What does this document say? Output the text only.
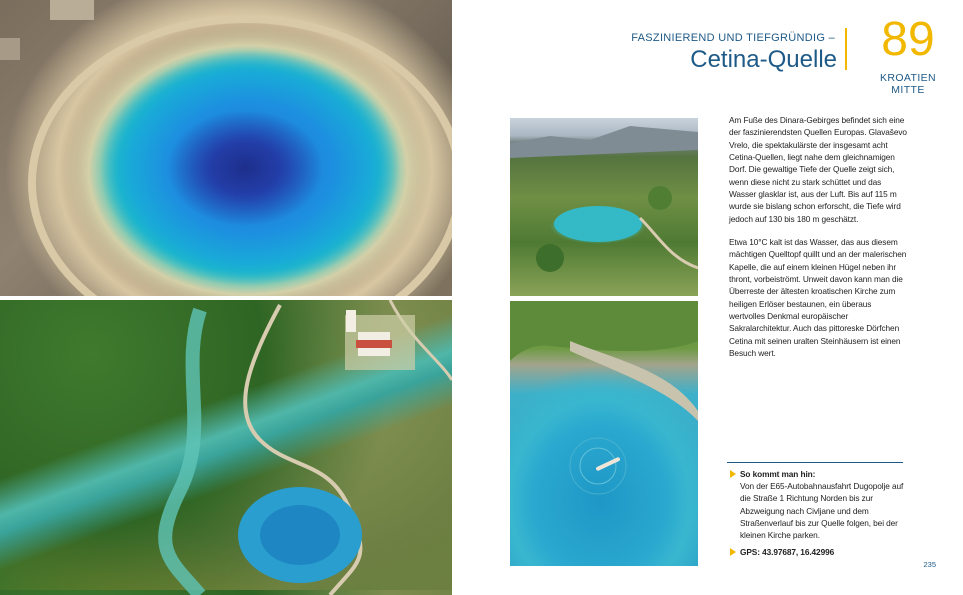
FASZINIEREND UND TIEFGRÜNDIG –
Cetina-Quelle 89
KROATIEN
MITTE
Am Fuße des Dinara-Gebirges befindet sich eine der faszinierendsten Quellen Europas. Glavaševo Vrelo, die spektakulärste der insgesamt acht Cetina-Quellen, liegt nahe dem gleichnamigen Dorf. Die gewaltige Tiefe der Quelle zeigt sich, wenn diese nicht zu stark schüttet und das Wasser glasklar ist, aus der Luft. Bis auf 115 m wurde sie bislang schon erforscht, die Tiefe wird jedoch auf 130 bis 180 m geschätzt.
Etwa 10°C kalt ist das Wasser, das aus diesem mächtigen Quelltopf quillt und an der malerischen Kapelle, die auf einem kleinen Hügel neben ihr thront, vorbeiströmt. Unweit davon kann man die Überreste der ältesten kroatischen Kirche zum heiligen Erlöser bestaunen, ein überaus wertvolles Denkmal europäischer Sakralarchitektur. Auch das pittoreske Dörfchen Cetina mit seinen uralten Steinhäusern ist einen Besuch wert.
So kommt man hin:
Von der E65-Autobahnausfahrt Dugopolje auf die Straße 1 Richtung Norden bis zur Abzweigung nach Civljane und dem Straßenverlauf bis zur Quelle folgen, bei der kleinen Kirche parken.
GPS: 43.97687, 16.42996
235
